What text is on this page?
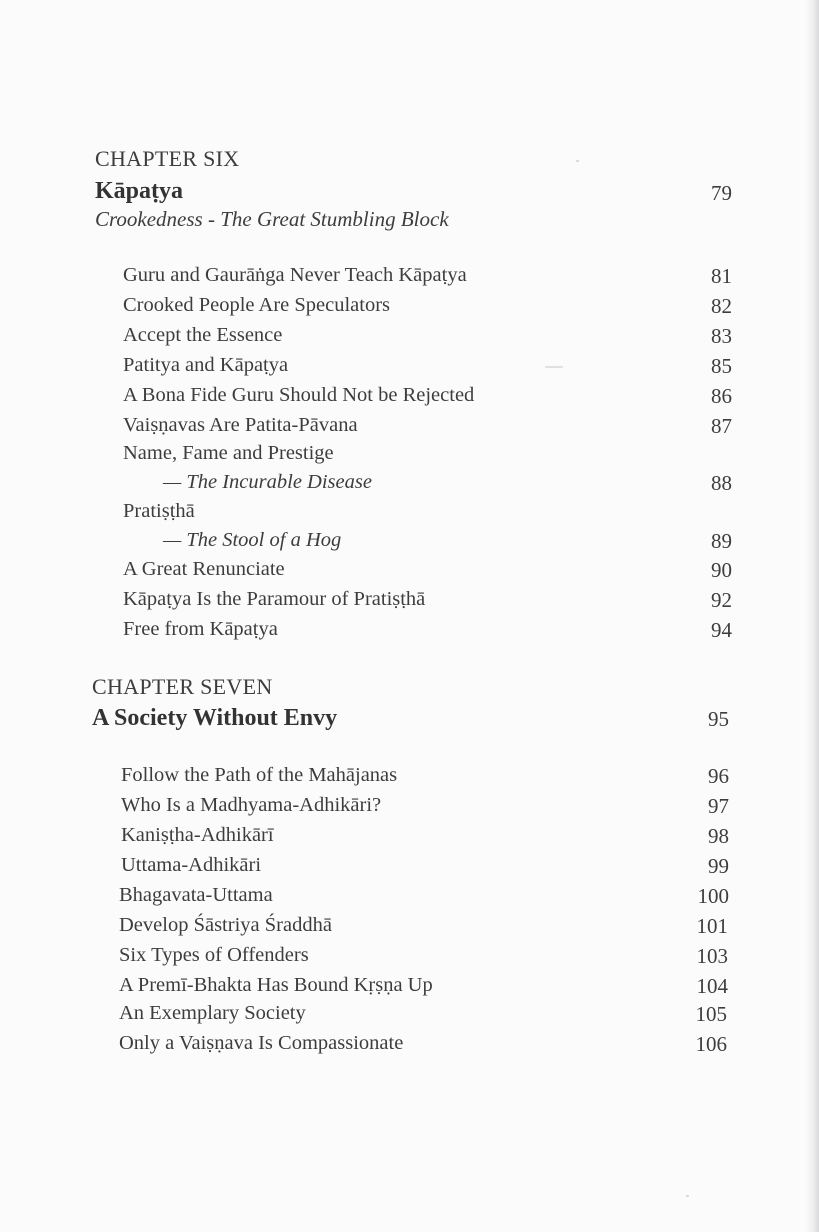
CHAPTER SIX
Kāpaṭya	79
Crookedness - The Great Stumbling Block
Guru and Gaurāṅga Never Teach Kāpaṭya	81
Crooked People Are Speculators	82
Accept the Essence	83
Patitya and Kāpaṭya	85
A Bona Fide Guru Should Not be Rejected	86
Vaiṣṇavas Are Patita-Pāvana	87
Name, Fame and Prestige
— The Incurable Disease	88
Pratiṣṭhā
— The Stool of a Hog	89
A Great Renunciate	90
Kāpaṭya Is the Paramour of Pratiṣṭhā	92
Free from Kāpaṭya	94
CHAPTER SEVEN
A Society Without Envy	95
Follow the Path of the Mahājanas	96
Who Is a Madhyama-Adhikāri?	97
Kaniṣṭha-Adhikārī	98
Uttama-Adhikāri	99
Bhagavata-Uttama	100
Develop Śāstriya Śraddhā	101
Six Types of Offenders	103
A Premī-Bhakta Has Bound Kṛṣṇa Up	104
An Exemplary Society	105
Only a Vaiṣṇava Is Compassionate	106
